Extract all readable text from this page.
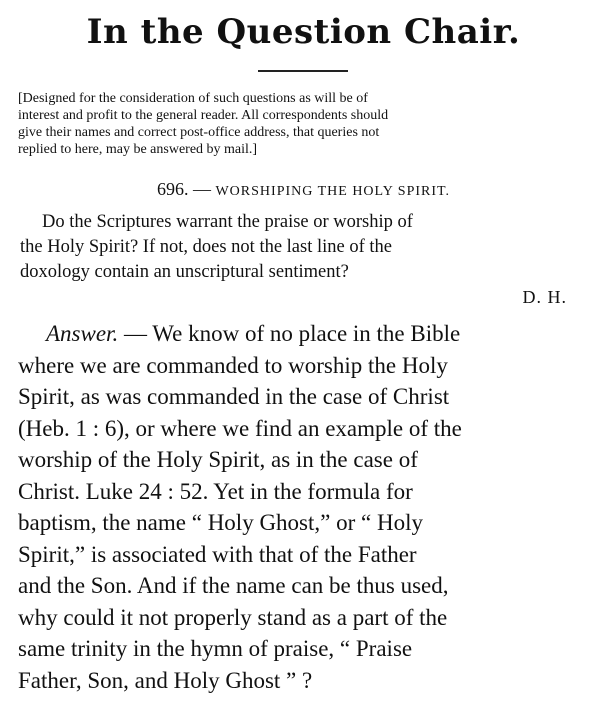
In the Question Chair.
[Designed for the consideration of such questions as will be of
interest and profit to the general reader. All correspondents should
give their names and correct post-office address, that queries not
replied to here, may be answered by mail.]
696. — WORSHIPING THE HOLY SPIRIT.
Do the Scriptures warrant the praise or worship of
the Holy Spirit? If not, does not the last line of the
doxology contain an unscriptural sentiment?
D. H.
Answer. — We know of no place in the Bible
where we are commanded to worship the Holy
Spirit, as was commanded in the case of Christ
(Heb. 1 : 6), or where we find an example of the
worship of the Holy Spirit, as in the case of
Christ. Luke 24 : 52. Yet in the formula for
baptism, the name “ Holy Ghost,” or “ Holy
Spirit,” is associated with that of the Father
and the Son. And if the name can be thus used,
why could it not properly stand as a part of the
same trinity in the hymn of praise, “ Praise
Father, Son, and Holy Ghost ” ?
